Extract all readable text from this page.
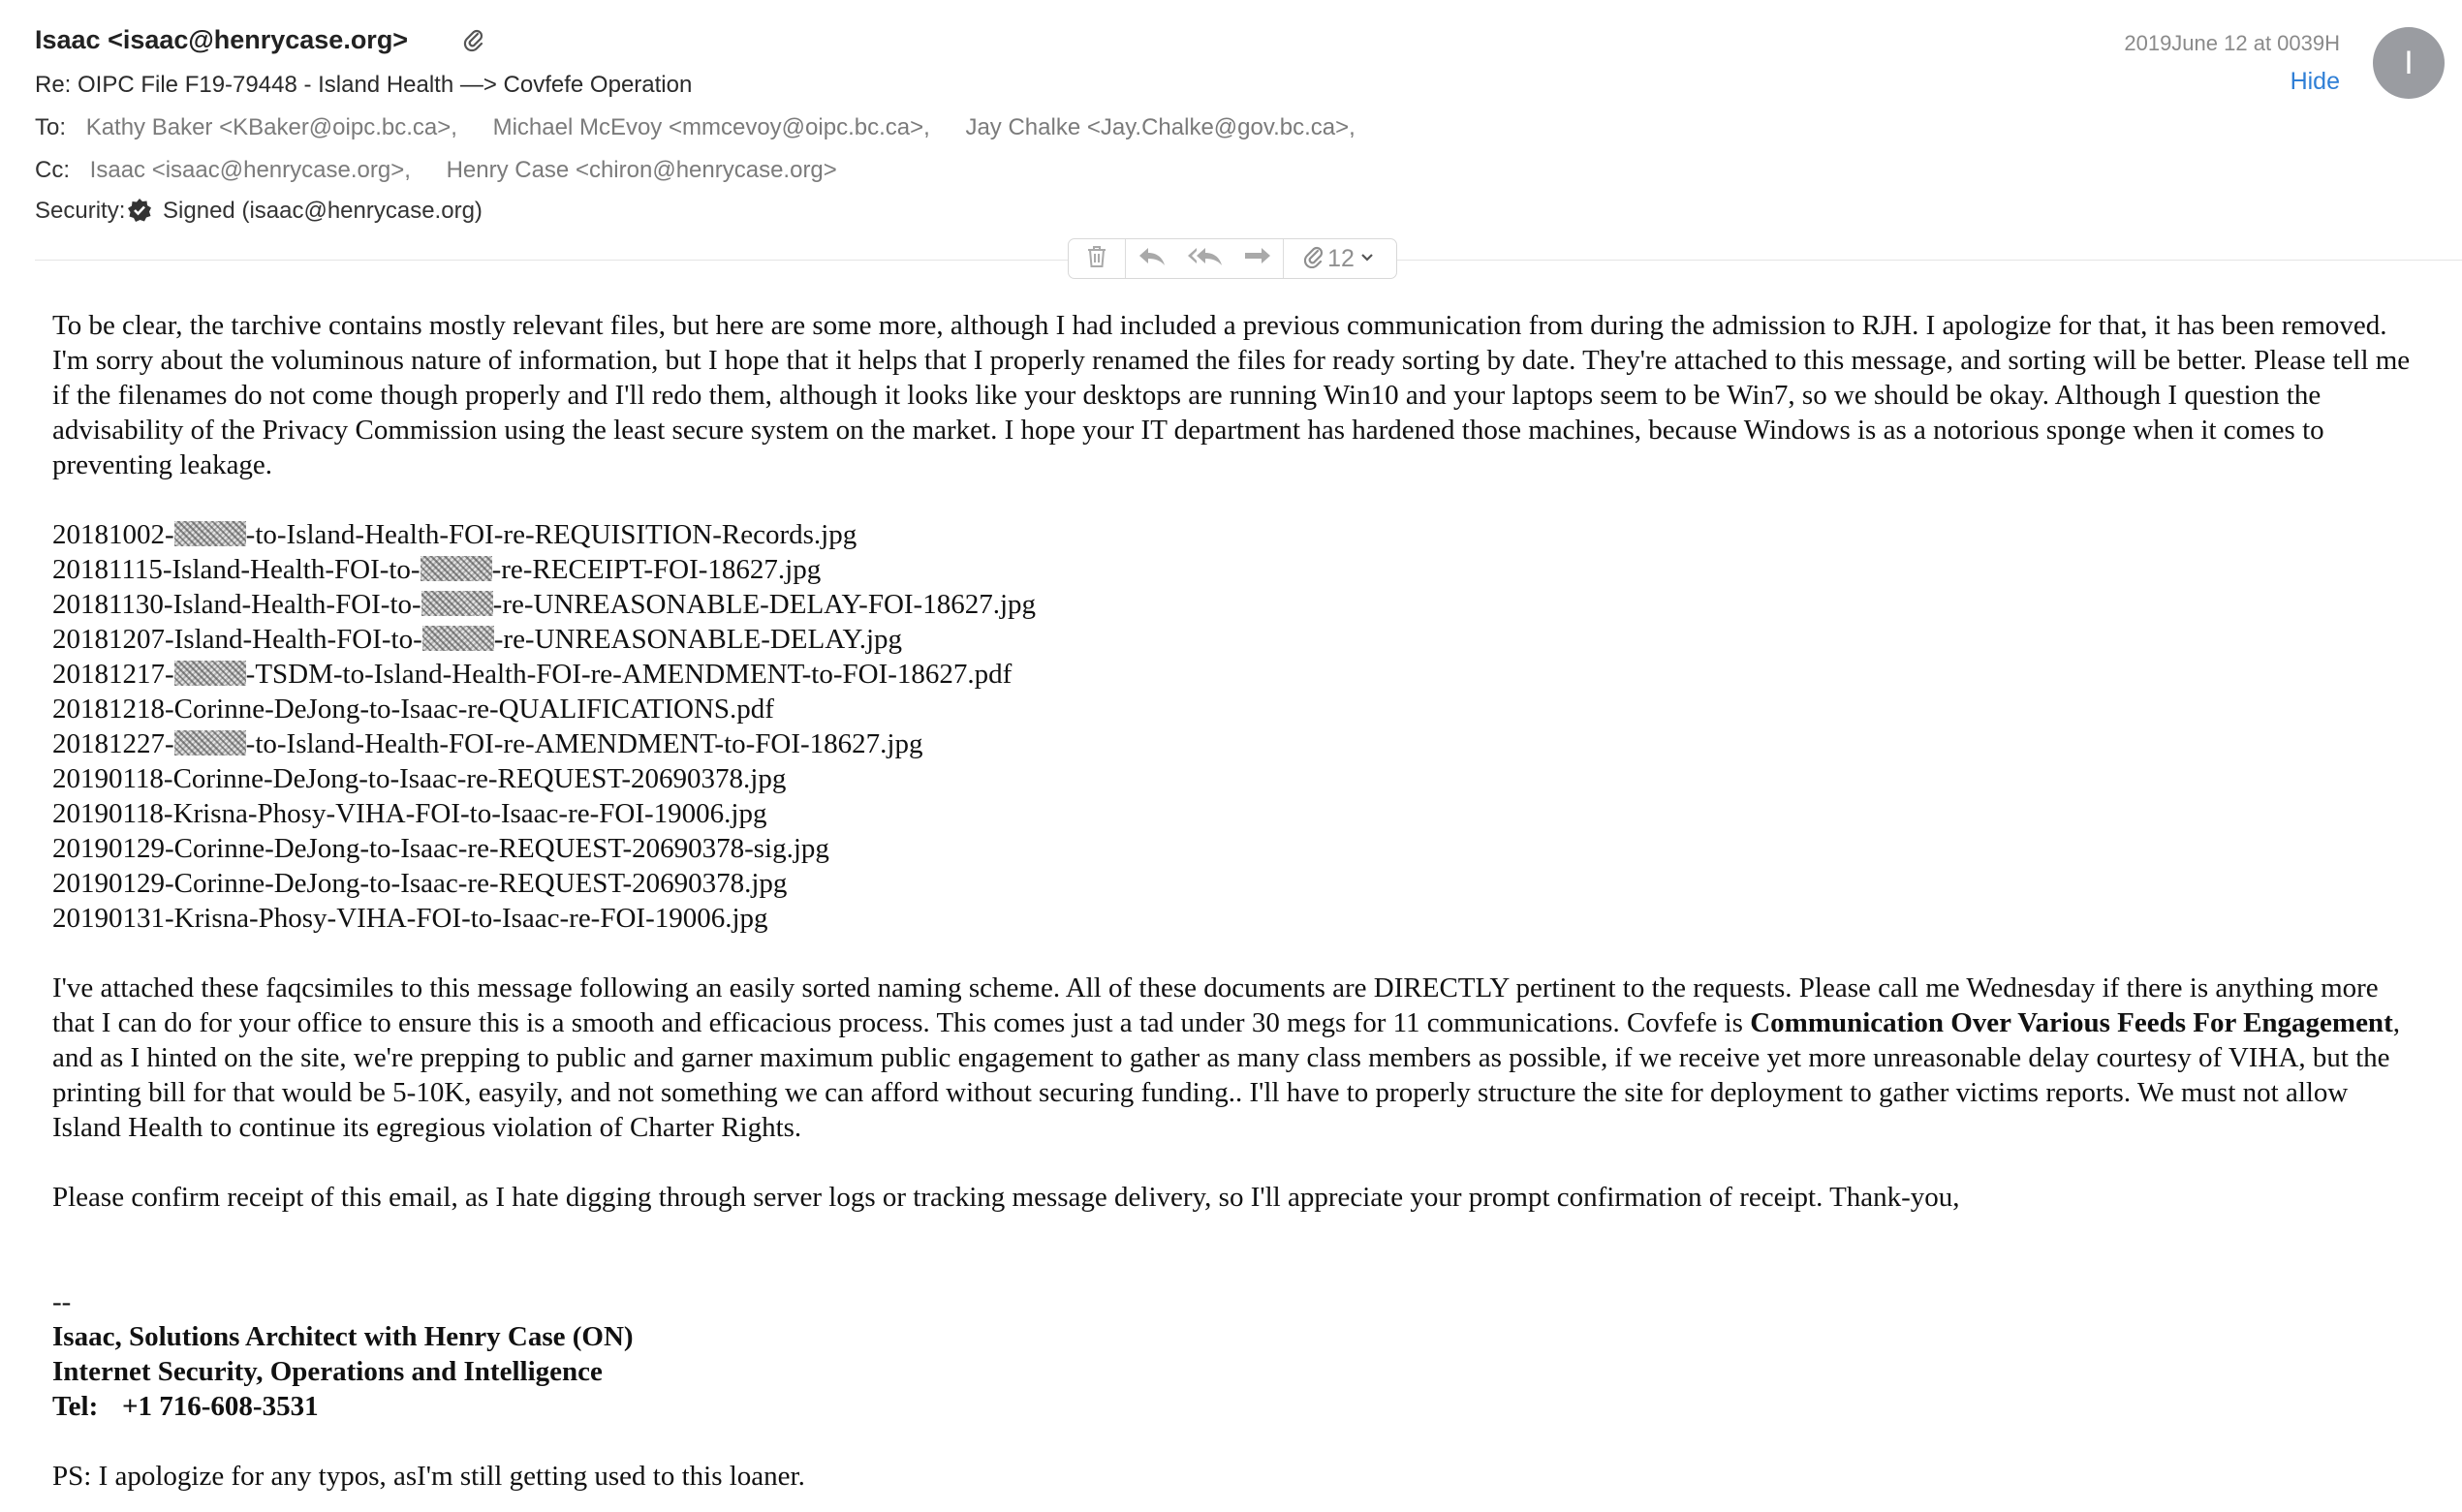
Isaac <isaac@henrycase.org>
Re: OIPC File F19-79448 - Island Health —> Covfefe Operation
To: Kathy Baker <KBaker@oipc.bc.ca>, Michael McEvoy <mmcevoy@oipc.bc.ca>, Jay Chalke <Jay.Chalke@gov.bc.ca>,
Cc: Isaac <isaac@henrycase.org>, Henry Case <chiron@henrycase.org>
Security: Signed (isaac@henrycase.org)
2019June 12 at 0039H
Hide	I
12

To be clear, the tarchive contains mostly relevant files, but here are some more, although I had included a previous communication from during the admission to RJH. I apologize for that, it has been removed. I'm sorry about the voluminous nature of information, but I hope that it helps that I properly renamed the files for ready sorting by date. They're attached to this message, and sorting will be better. Please tell me if the filenames do not come though properly and I'll redo them, although it looks like your desktops are running Win10 and your laptops seem to be Win7, so we should be okay. Although I question the advisability of the Privacy Commission using the least secure system on the market. I hope your IT department has hardened those machines, because Windows is as a notorious sponge when it comes to preventing leakage.

20181002-	-to-Island-Health-FOI-re-REQUISITION-Records.jpg
20181115-Island-Health-FOI-to-	-re-RECEIPT-FOI-18627.jpg
20181130-Island-Health-FOI-to-	-re-UNREASONABLE-DELAY-FOI-18627.jpg
20181207-Island-Health-FOI-to-	-re-UNREASONABLE-DELAY.jpg
20181217-	-TSDM-to-Island-Health-FOI-re-AMENDMENT-to-FOI-18627.pdf
20181218-Corinne-DeJong-to-Isaac-re-QUALIFICATIONS.pdf
20181227-	-to-Island-Health-FOI-re-AMENDMENT-to-FOI-18627.jpg
20190118-Corinne-DeJong-to-Isaac-re-REQUEST-20690378.jpg
20190118-Krisna-Phosy-VIHA-FOI-to-Isaac-re-FOI-19006.jpg
20190129-Corinne-DeJong-to-Isaac-re-REQUEST-20690378-sig.jpg
20190129-Corinne-DeJong-to-Isaac-re-REQUEST-20690378.jpg
20190131-Krisna-Phosy-VIHA-FOI-to-Isaac-re-FOI-19006.jpg

I've attached these faqcsimiles to this message following an easily sorted naming scheme. All of these documents are DIRECTLY pertinent to the requests. Please call me Wednesday if there is anything more that I can do for your office to ensure this is a smooth and efficacious process. This comes just a tad under 30 megs for 11 communications. Covfefe is Communication Over Various Feeds For Engagement, and as I hinted on the site, we're prepping to public and garner maximum public engagement to gather as many class members as possible, if we receive yet more unreasonable delay courtesy of VIHA, but the printing bill for that would be 5-10K, easyily, and not something we can afford without securing funding.. I'll have to properly structure the site for deployment to gather victims reports. We must not allow Island Health to continue its egregious violation of Charter Rights.

Please confirm receipt of this email, as I hate digging through server logs or tracking message delivery, so I'll appreciate your prompt confirmation of receipt. Thank-you,

--
Isaac, Solutions Architect with Henry Case (ON)
Internet Security, Operations and Intelligence
Tel: +1 716-608-3531
PS: I apologize for any typos, asI'm still getting used to this loaner.
